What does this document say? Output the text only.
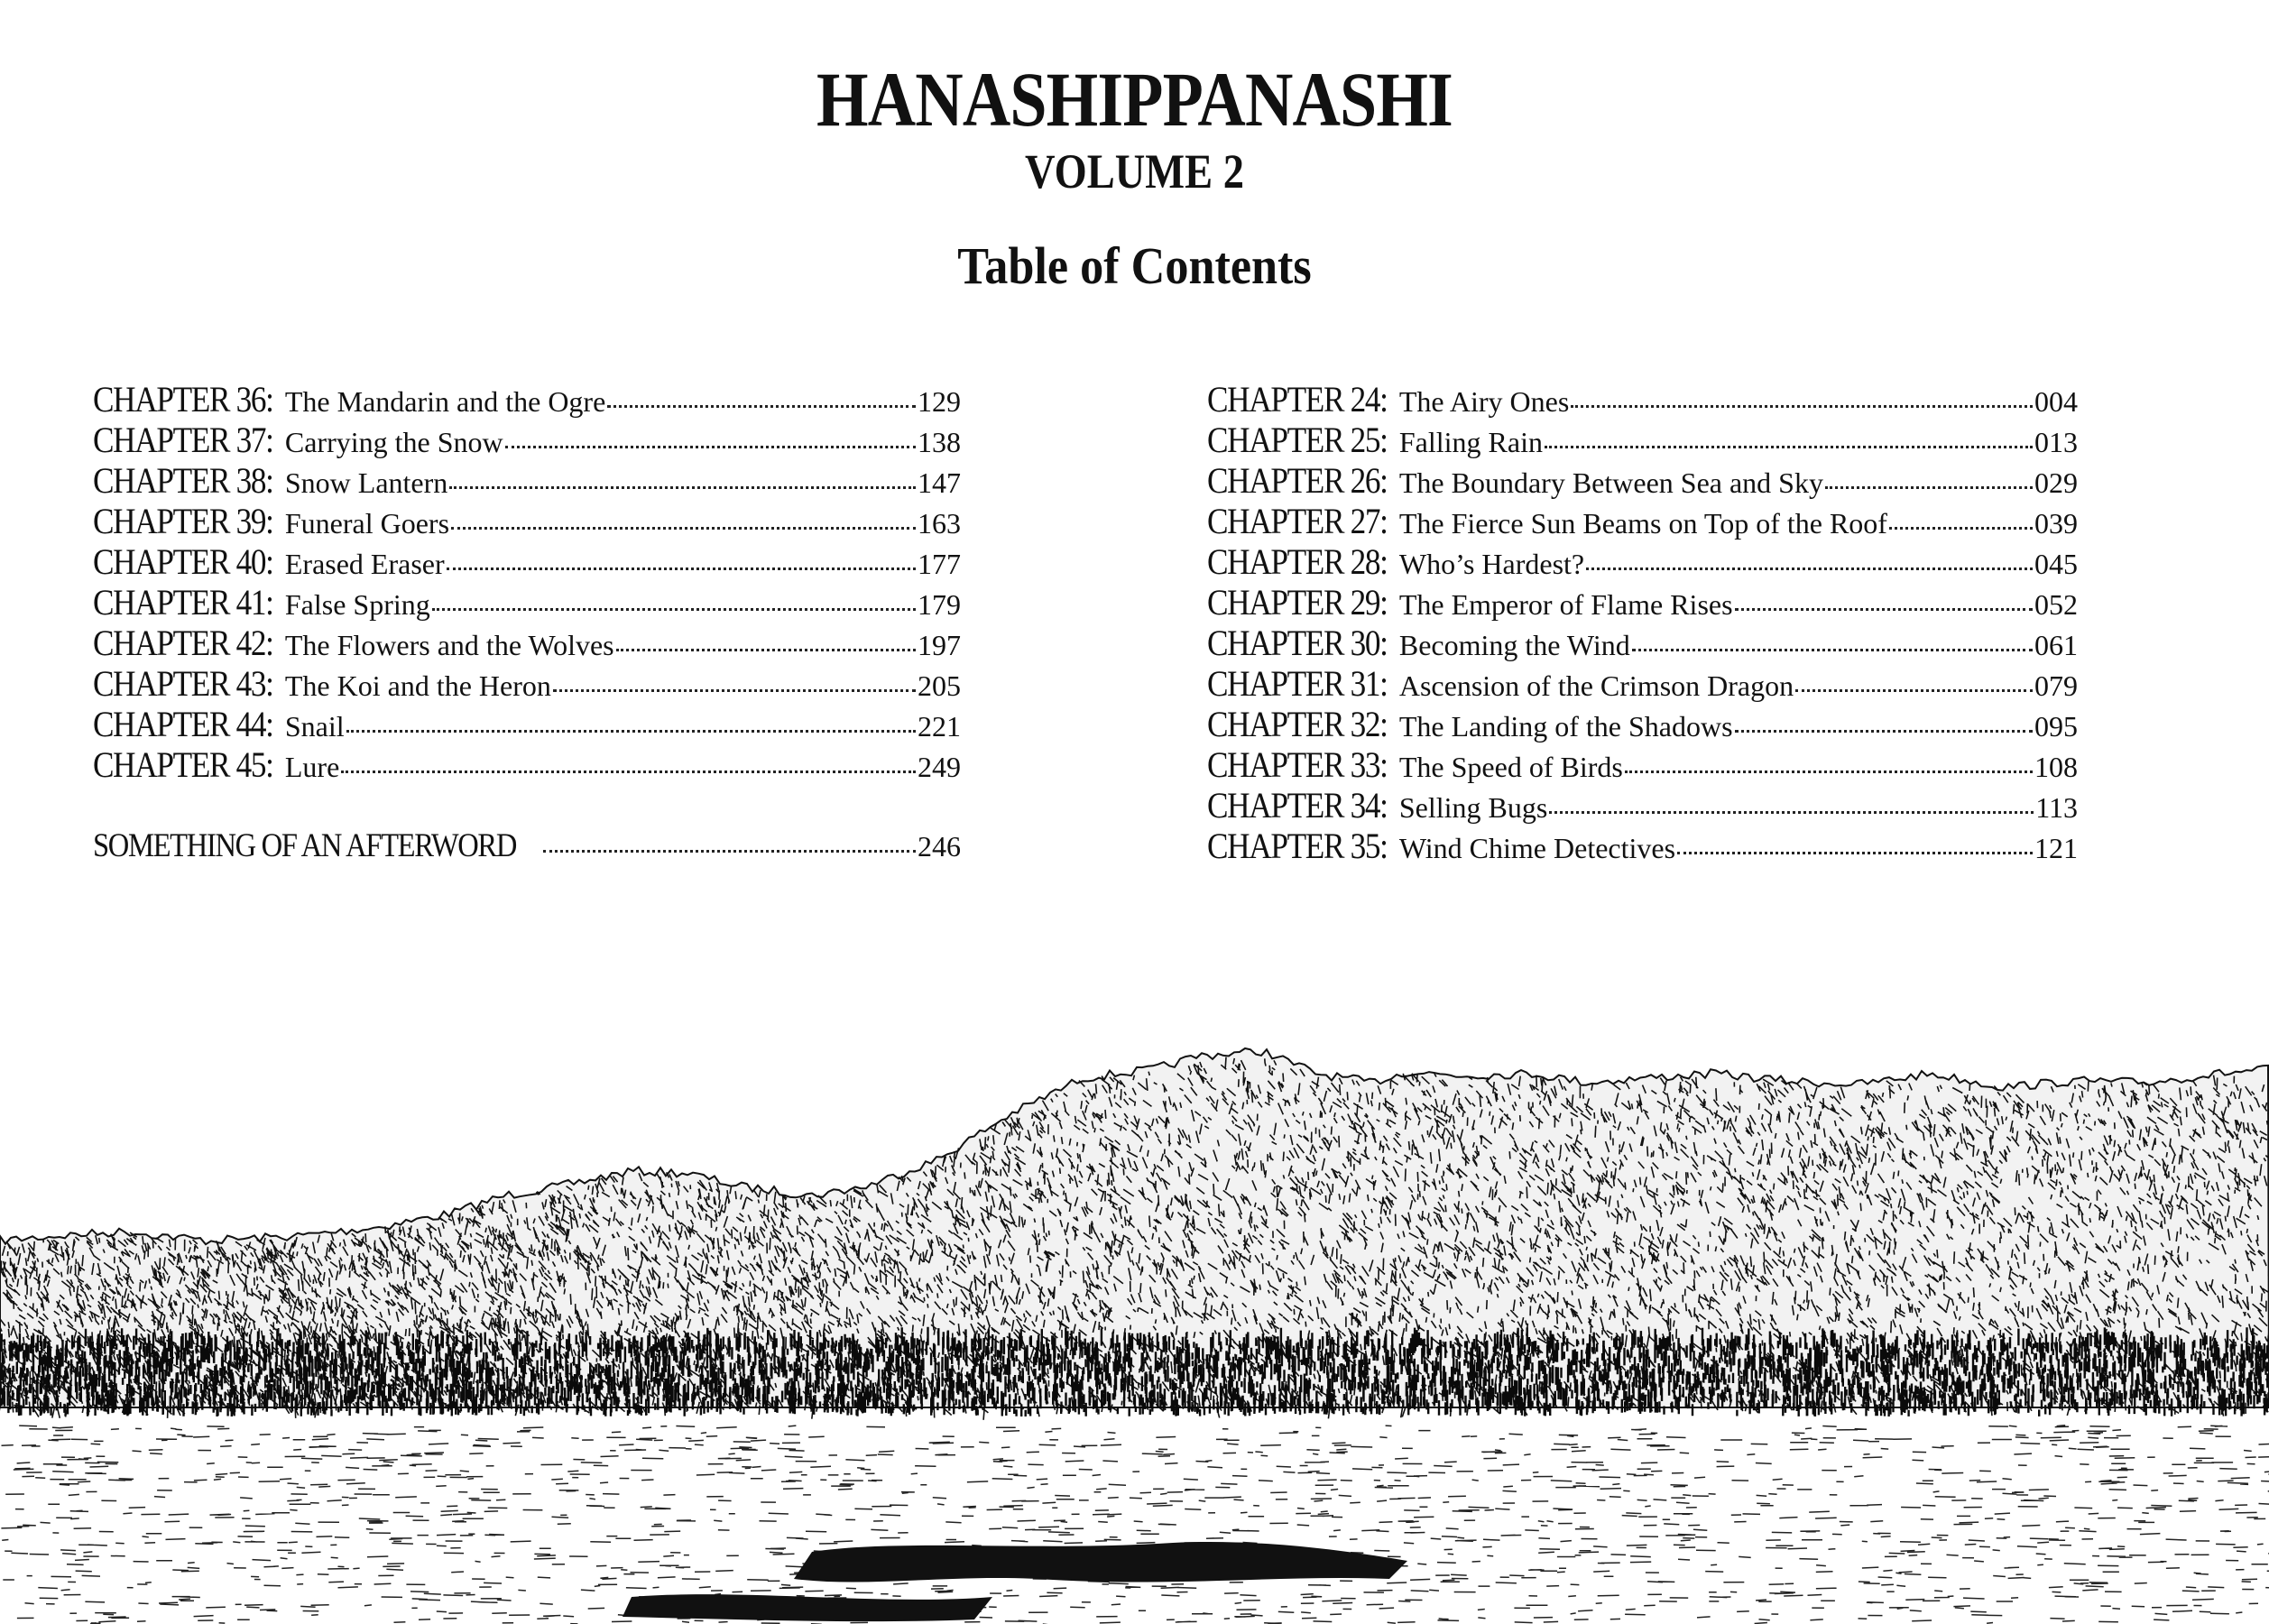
HANASHIPPANASHI
VOLUME 2
Table of Contents
CHAPTER 36: The Mandarin and the Ogre	129
CHAPTER 37: Carrying the Snow	138
CHAPTER 38: Snow Lantern	147
CHAPTER 39: Funeral Goers	163
CHAPTER 40: Erased Eraser	177
CHAPTER 41: False Spring	179
CHAPTER 42: The Flowers and the Wolves	197
CHAPTER 43: The Koi and the Heron	205
CHAPTER 44: Snail	221
CHAPTER 45: Lure	249
SOMETHING OF AN AFTERWORD	246
CHAPTER 24: The Airy Ones	004
CHAPTER 25: Falling Rain	013
CHAPTER 26: The Boundary Between Sea and Sky	029
CHAPTER 27: The Fierce Sun Beams on Top of the Roof	039
CHAPTER 28: Who’s Hardest?	045
CHAPTER 29: The Emperor of Flame Rises	052
CHAPTER 30: Becoming the Wind	061
CHAPTER 31: Ascension of the Crimson Dragon	079
CHAPTER 32: The Landing of the Shadows	095
CHAPTER 33: The Speed of Birds	108
CHAPTER 34: Selling Bugs	113
CHAPTER 35: Wind Chime Detectives	121
